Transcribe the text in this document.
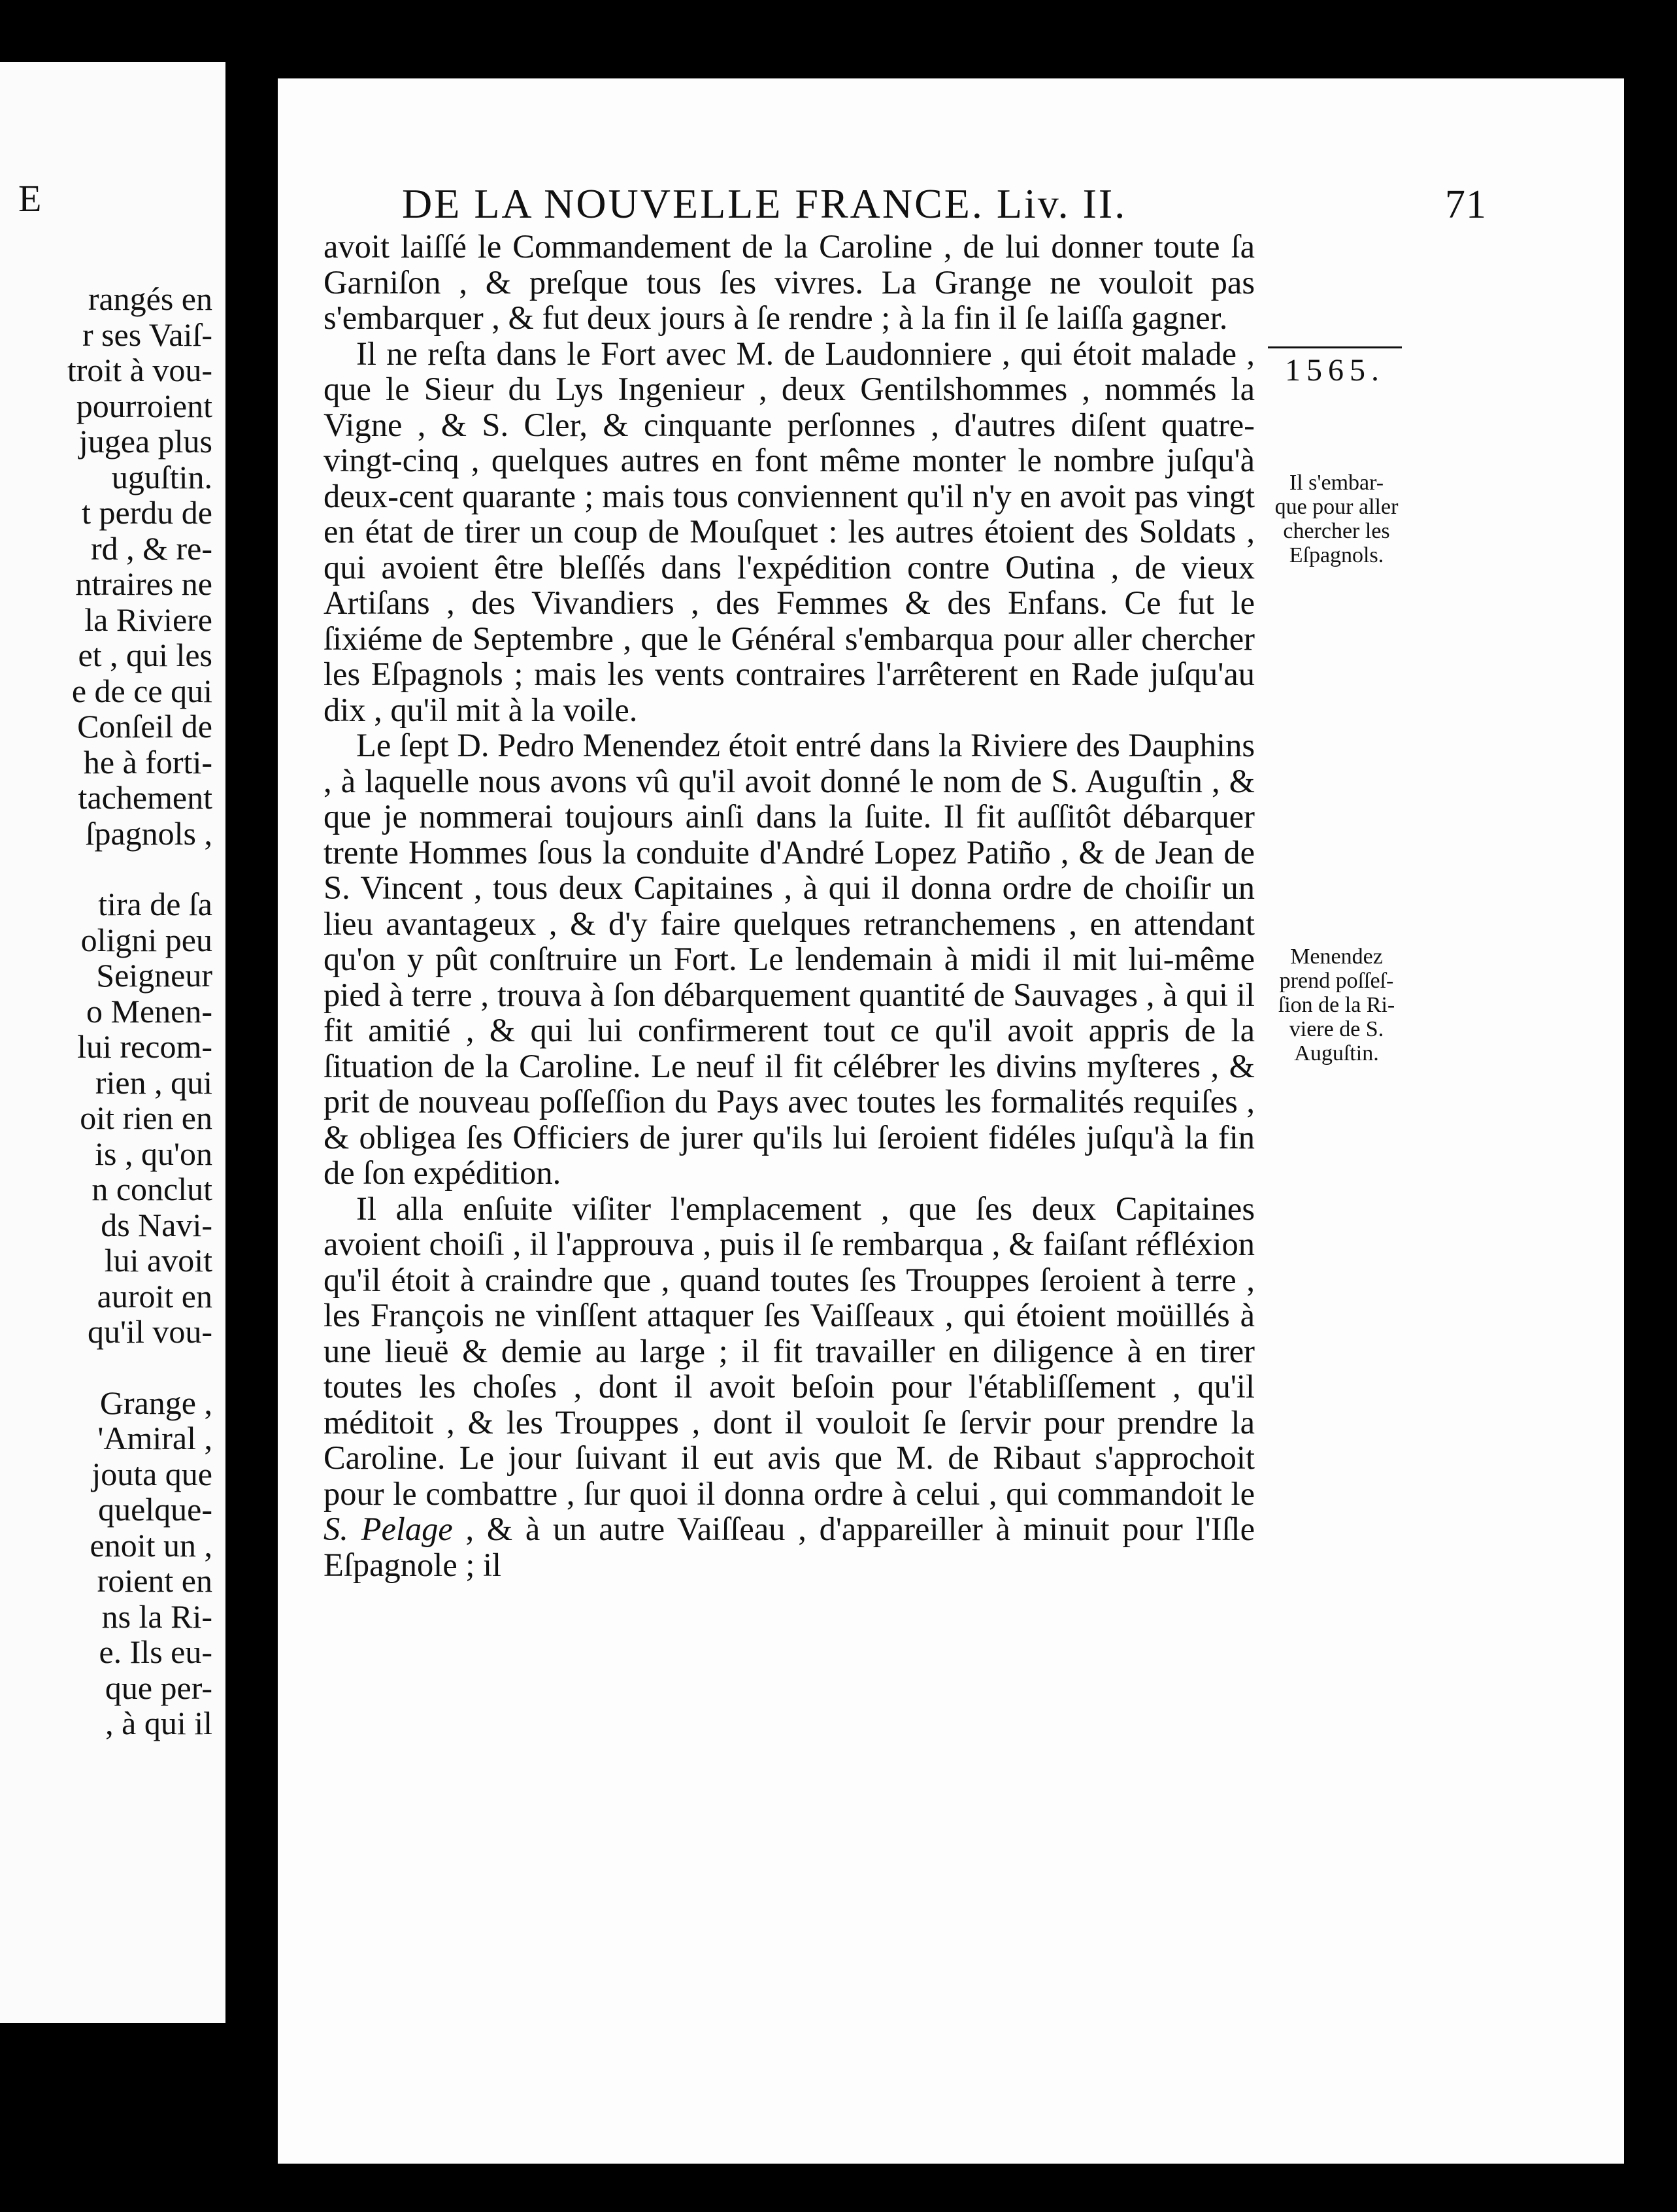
E
rangés en
r ses Vaiſ-
troit à vou-
pourroient
jugea plus
uguſtin.
t perdu de
rd , & re-
ntraires ne
la Riviere
et , qui les
e de ce qui
Conſeil de
he à forti-
tachement
ſpagnols ,
tira de ſa
oligni peu
Seigneur
o Menen-
lui recom-
rien , qui
oit rien en
is , qu'on
n conclut
ds Navi-
lui avoit
auroit en
qu'il vou-
Grange ,
'Amiral ,
jouta que
quelque-
enoit un ,
roient en
ns la Ri-
e. Ils eu-
que per-
, à qui il
DE LA NOUVELLE FRANCE. Liv. II.	71

avoit laiſſé le Commandement de la Caroline , de lui donner toute ſa Garniſon , & preſque tous ſes vivres. La Grange ne vouloit pas s'embarquer , & fut deux jours à ſe rendre ; à la fin il ſe laiſſa gagner.

Il ne reſta dans le Fort avec M. de Laudonniere , qui étoit malade , que le Sieur du Lys Ingenieur , deux Gentilshommes , nommés la Vigne , & S. Cler, & cinquante perſonnes , d'autres diſent quatre-vingt-cinq , quelques autres en font même monter le nombre juſqu'à deux-cent quarante ; mais tous conviennent qu'il n'y en avoit pas vingt en état de tirer un coup de Mouſquet : les autres étoient des Soldats , qui avoient être bleſſés dans l'expédition contre Outina , de vieux Artiſans , des Vivandiers , des Femmes & des Enfans. Ce fut le ſixiéme de Septembre , que le Général s'embarqua pour aller chercher les Eſpagnols ; mais les vents contraires l'arrêterent en Rade juſqu'au dix , qu'il mit à la voile.

Le ſept D. Pedro Menendez étoit entré dans la Riviere des Dauphins , à laquelle nous avons vû qu'il avoit donné le nom de S. Auguſtin , & que je nommerai toujours ainſi dans la ſuite. Il fit auſſitôt débarquer trente Hommes ſous la conduite d'André Lopez Patiño , & de Jean de S. Vincent , tous deux Capitaines , à qui il donna ordre de choiſir un lieu avantageux , & d'y faire quelques retranchemens , en attendant qu'on y pût conſtruire un Fort. Le lendemain à midi il mit lui-même pied à terre , trouva à ſon débarquement quantité de Sauvages , à qui il fit amitié , & qui lui confirmerent tout ce qu'il avoit appris de la ſituation de la Caroline. Le neuf il fit célébrer les divins myſteres , & prit de nouveau poſſeſſion du Pays avec toutes les formalités requiſes , & obligea ſes Officiers de jurer qu'ils lui ſeroient fidéles juſqu'à la fin de ſon expédition.

Il alla enſuite viſiter l'emplacement , que ſes deux Capitaines avoient choiſi , il l'approuva , puis il ſe rembarqua , & faiſant réfléxion qu'il étoit à craindre que , quand toutes ſes Trouppes ſeroient à terre , les François ne vinſſent attaquer ſes Vaiſſeaux , qui étoient moüillés à une lieuë & demie au large ; il fit travailler en diligence à en tirer toutes les choſes , dont il avoit beſoin pour l'établiſſement , qu'il méditoit , & les Trouppes , dont il vouloit ſe ſervir pour prendre la Caroline. Le jour ſuivant il eut avis que M. de Ribaut s'approchoit pour le combattre , ſur quoi il donna ordre à celui , qui commandoit le S. Pelage , & à un autre Vaiſſeau , d'appareiller à minuit pour l'Iſle Eſpagnole ; il

1565.
Il s'embar-
que pour aller
chercher les
Eſpagnols.
Menendez
prend poſſeſ-
ſion de la Ri-
viere de S.
Auguſtin.
